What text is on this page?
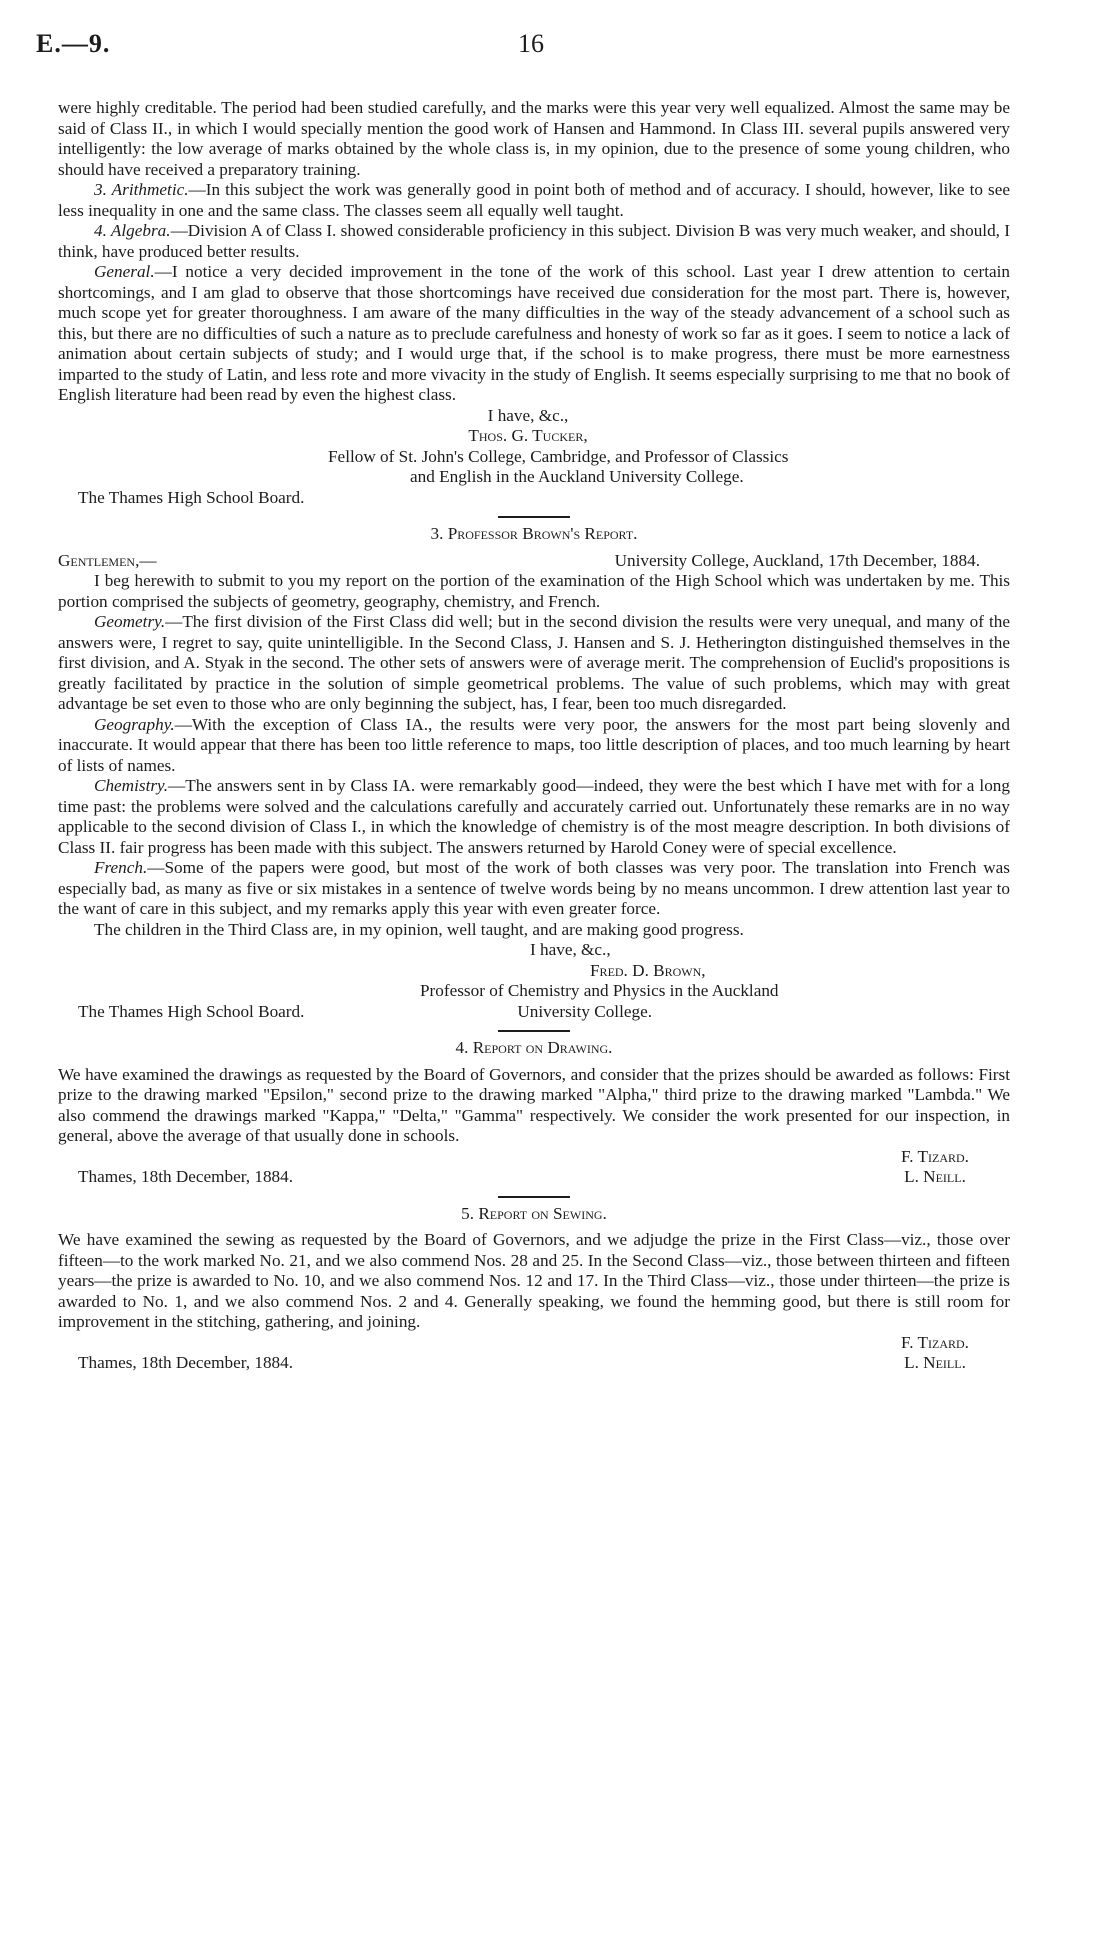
E.—9.	16

were highly creditable. The period had been studied carefully, and the marks were this year very well equalized. Almost the same may be said of Class II., in which I would specially mention the good work of Hansen and Hammond. In Class III. several pupils answered very intelligently: the low average of marks obtained by the whole class is, in my opinion, due to the presence of some young children, who should have received a preparatory training.

3. Arithmetic.—In this subject the work was generally good in point both of method and of accuracy. I should, however, like to see less inequality in one and the same class. The classes seem all equally well taught.

4. Algebra.—Division A of Class I. showed considerable proficiency in this subject. Division B was very much weaker, and should, I think, have produced better results.

General.—I notice a very decided improvement in the tone of the work of this school. Last year I drew attention to certain shortcomings, and I am glad to observe that those shortcomings have received due consideration for the most part. There is, however, much scope yet for greater thoroughness. I am aware of the many difficulties in the way of the steady advancement of a school such as this, but there are no difficulties of such a nature as to preclude carefulness and honesty of work so far as it goes. I seem to notice a lack of animation about certain subjects of study; and I would urge that, if the school is to make progress, there must be more earnestness imparted to the study of Latin, and less rote and more vivacity in the study of English. It seems especially surprising to me that no book of English literature had been read by even the highest class.

I have, &c.,
Thos. G. Tucker,
Fellow of St. John's College, Cambridge, and Professor of Classics
and English in the Auckland University College.
The Thames High School Board.
3. Professor Brown's Report.
Gentlemen,—	University College, Auckland, 17th December, 1884.

I beg herewith to submit to you my report on the portion of the examination of the High School which was undertaken by me. This portion comprised the subjects of geometry, geography, chemistry, and French.

Geometry.—The first division of the First Class did well; but in the second division the results were very unequal, and many of the answers were, I regret to say, quite unintelligible. In the Second Class, J. Hansen and S. J. Hetherington distinguished themselves in the first division, and A. Styak in the second. The other sets of answers were of average merit. The comprehension of Euclid's propositions is greatly facilitated by practice in the solution of simple geometrical problems. The value of such problems, which may with great advantage be set even to those who are only beginning the subject, has, I fear, been too much disregarded.

Geography.—With the exception of Class IA., the results were very poor, the answers for the most part being slovenly and inaccurate. It would appear that there has been too little reference to maps, too little description of places, and too much learning by heart of lists of names.

Chemistry.—The answers sent in by Class IA. were remarkably good—indeed, they were the best which I have met with for a long time past: the problems were solved and the calculations carefully and accurately carried out. Unfortunately these remarks are in no way applicable to the second division of Class I., in which the knowledge of chemistry is of the most meagre description. In both divisions of Class II. fair progress has been made with this subject. The answers returned by Harold Coney were of special excellence.

French.—Some of the papers were good, but most of the work of both classes was very poor. The translation into French was especially bad, as many as five or six mistakes in a sentence of twelve words being by no means uncommon. I drew attention last year to the want of care in this subject, and my remarks apply this year with even greater force.

The children in the Third Class are, in my opinion, well taught, and are making good progress.

I have, &c.,
Fred. D. Brown,
Professor of Chemistry and Physics in the Auckland
The Thames High School Board.	University College.
4. Report on Drawing.

We have examined the drawings as requested by the Board of Governors, and consider that the prizes should be awarded as follows: First prize to the drawing marked "Epsilon," second prize to the drawing marked "Alpha," third prize to the drawing marked "Lambda." We also commend the drawings marked "Kappa," "Delta," "Gamma" respectively. We consider the work presented for our inspection, in general, above the average of that usually done in schools.

F. Tizard.
Thames, 18th December, 1884.	L. Neill.
5. Report on Sewing.

We have examined the sewing as requested by the Board of Governors, and we adjudge the prize in the First Class—viz., those over fifteen—to the work marked No. 21, and we also commend Nos. 28 and 25. In the Second Class—viz., those between thirteen and fifteen years—the prize is awarded to No. 10, and we also commend Nos. 12 and 17. In the Third Class—viz., those under thirteen—the prize is awarded to No. 1, and we also commend Nos. 2 and 4. Generally speaking, we found the hemming good, but there is still room for improvement in the stitching, gathering, and joining.

F. Tizard.
Thames, 18th December, 1884.	L. Neill.
